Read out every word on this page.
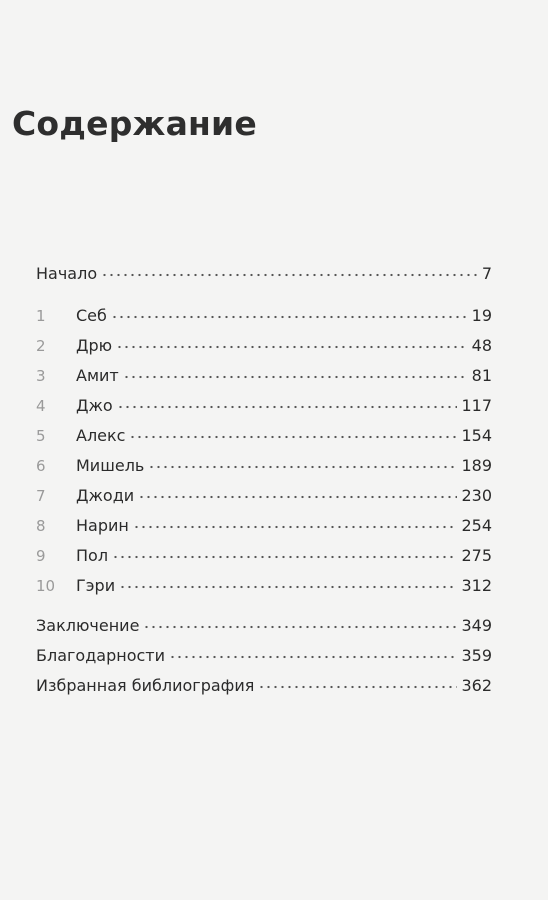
Содержание
Начало	7
1	Себ	19
2	Дрю	48
3	Амит	81
4	Джо	117
5	Алекс	154
6	Мишель	189
7	Джоди	230
8	Нарин	254
9	Пол	275
10	Гэри	312
Заключение	349
Благодарности	359
Избранная библиография	362
